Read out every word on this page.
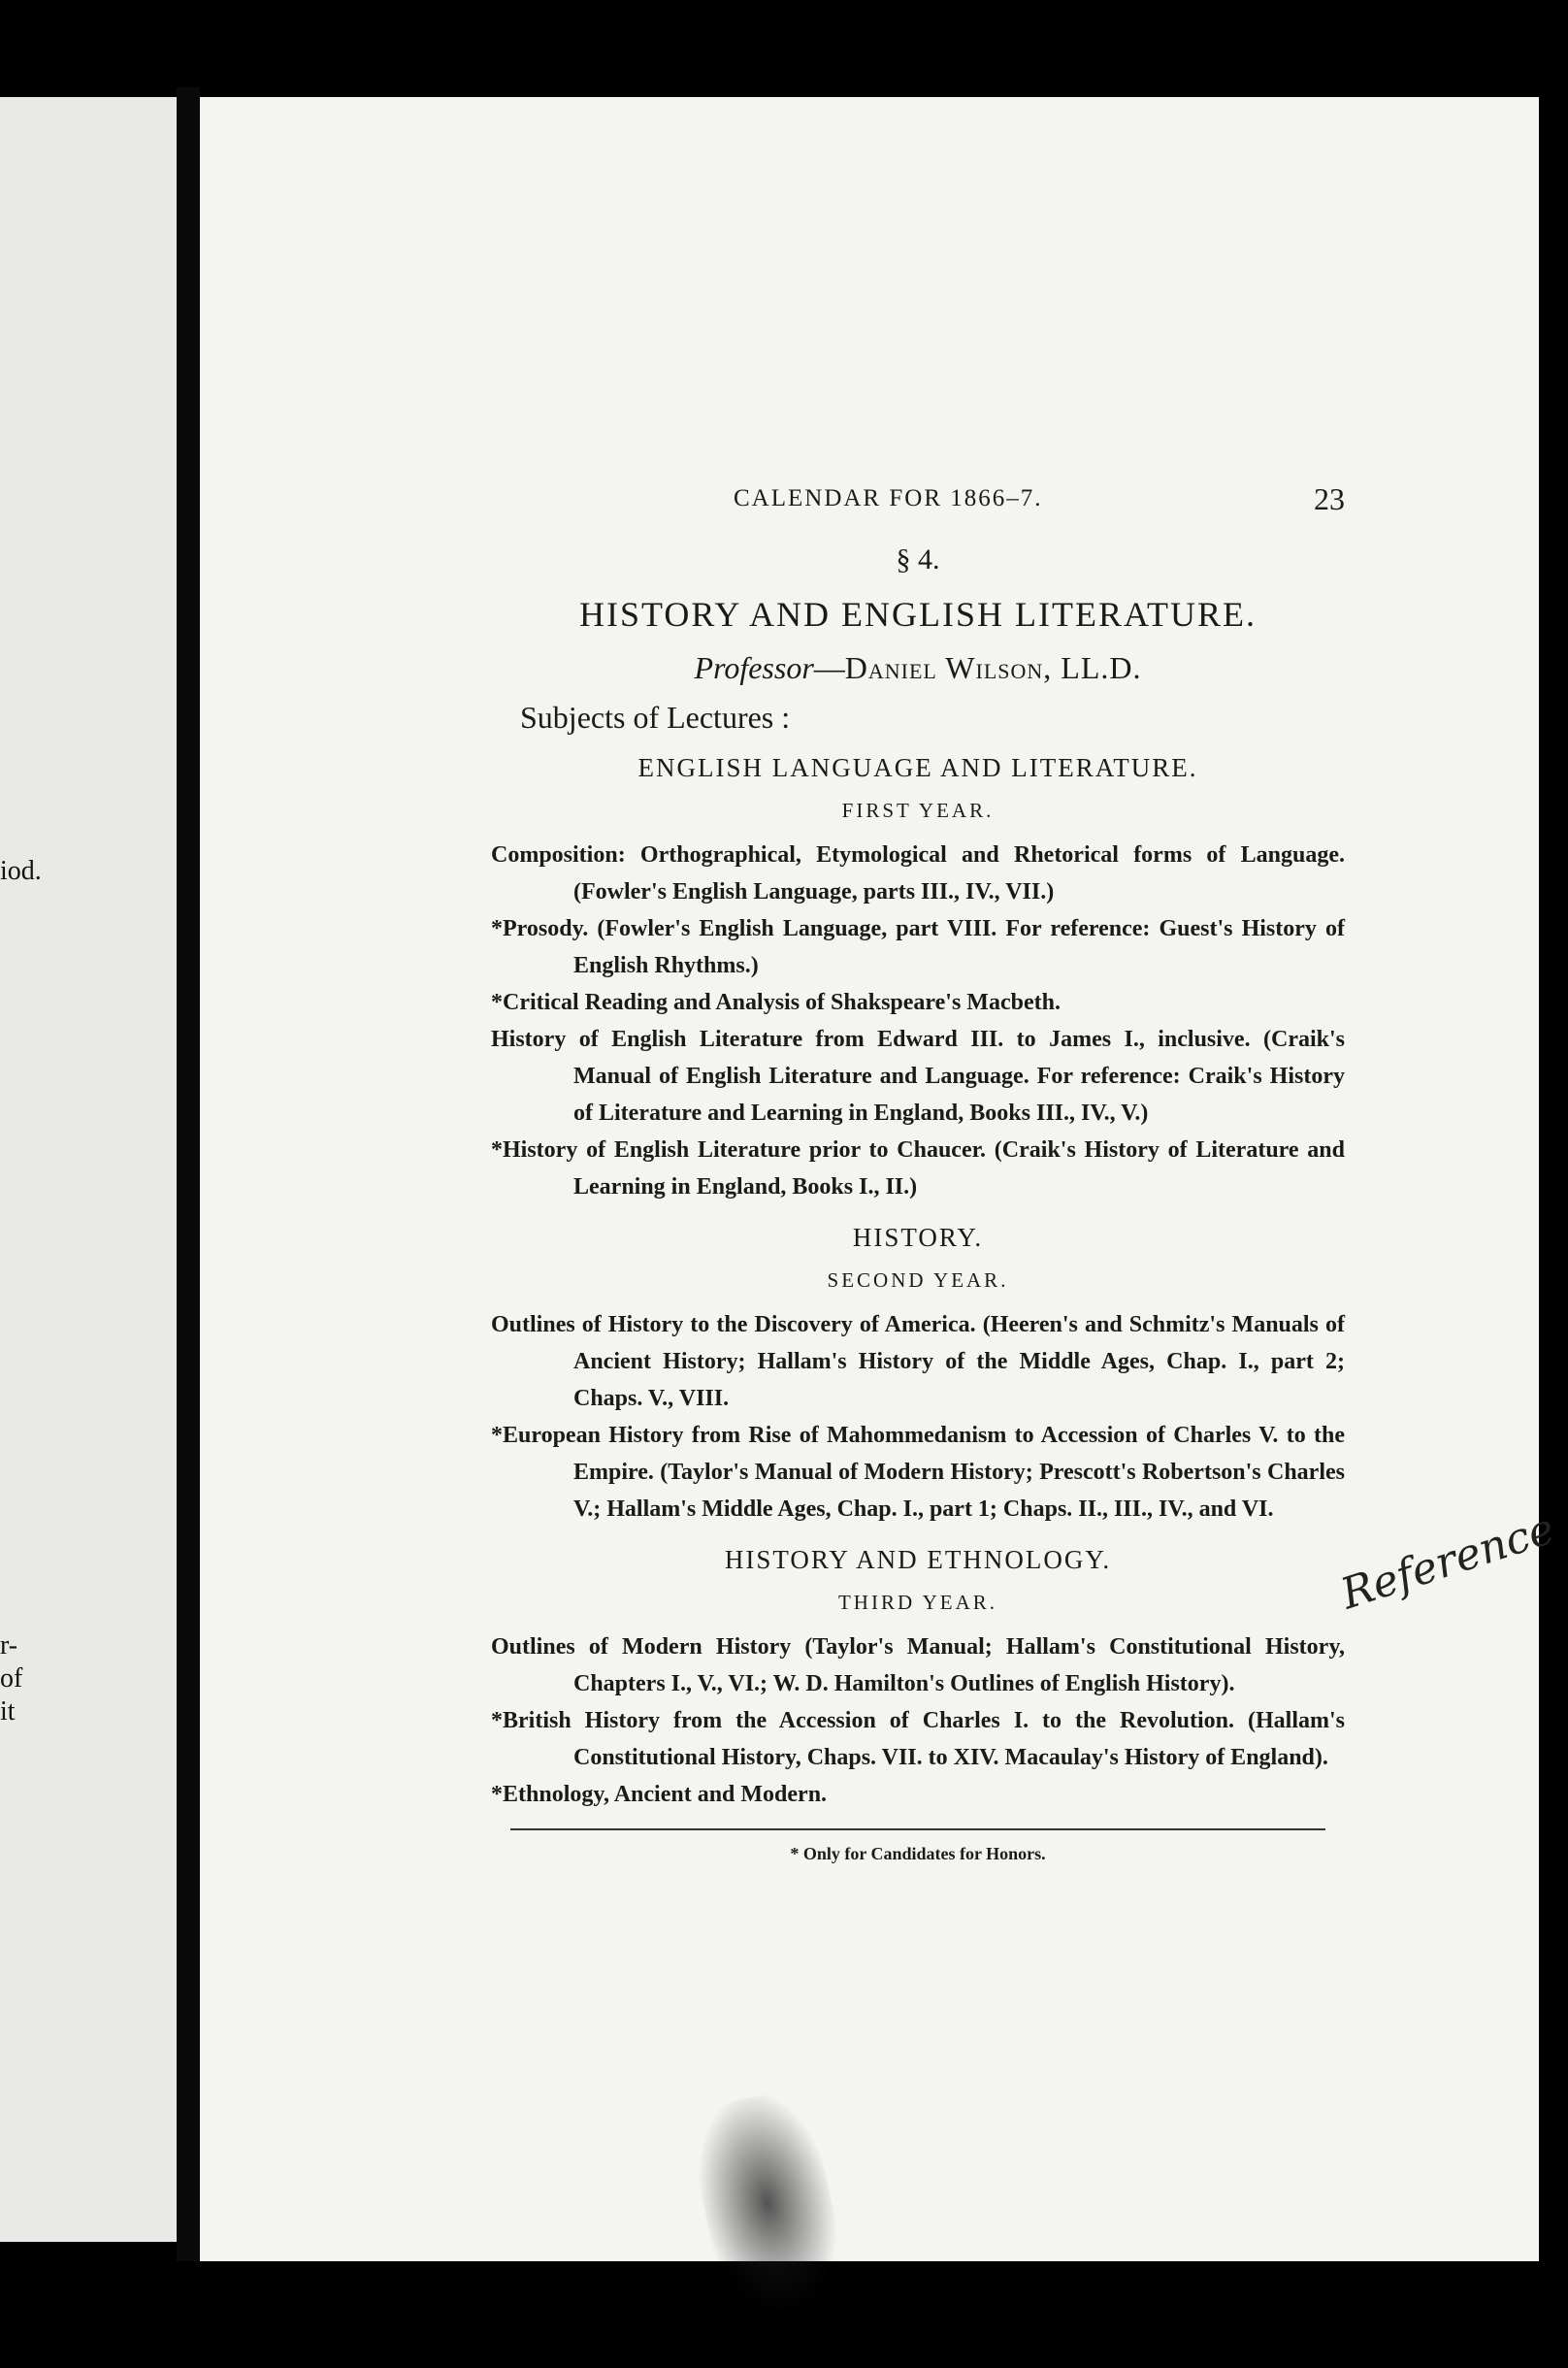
iod.
r-
of
it
CALENDAR FOR 1866–7.	23
§ 4.
HISTORY AND ENGLISH LITERATURE.
Professor—Daniel Wilson, LL.D.
Subjects of Lectures :
ENGLISH LANGUAGE AND LITERATURE.
FIRST YEAR.
Composition: Orthographical, Etymological and Rhetorical forms of Language. (Fowler's English Language, parts III., IV., VII.)
*Prosody. (Fowler's English Language, part VIII. For reference: Guest's History of English Rhythms.)
*Critical Reading and Analysis of Shakspeare's Macbeth.
History of English Literature from Edward III. to James I., inclusive. (Craik's Manual of English Literature and Language. For reference: Craik's History of Literature and Learning in England, Books III., IV., V.)
*History of English Literature prior to Chaucer. (Craik's History of Literature and Learning in England, Books I., II.)
HISTORY.
SECOND YEAR.
Outlines of History to the Discovery of America. (Heeren's and Schmitz's Manuals of Ancient History; Hallam's History of the Middle Ages, Chap. I., part 2; Chaps. V., VIII.
*European History from Rise of Mahommedanism to Accession of Charles V. to the Empire. (Taylor's Manual of Modern History; Prescott's Robertson's Charles V.; Hallam's Middle Ages, Chap. I., part 1; Chaps. II., III., IV., and VI.
HISTORY AND ETHNOLOGY.
THIRD YEAR.
Outlines of Modern History (Taylor's Manual; Hallam's Constitutional History, Chapters I., V., VI.; W. D. Hamilton's Outlines of English History).
*British History from the Accession of Charles I. to the Revolution. (Hallam's Constitutional History, Chaps. VII. to XIV. Macaulay's History of England).
*Ethnology, Ancient and Modern.
* Only for Candidates for Honors.
Reference
